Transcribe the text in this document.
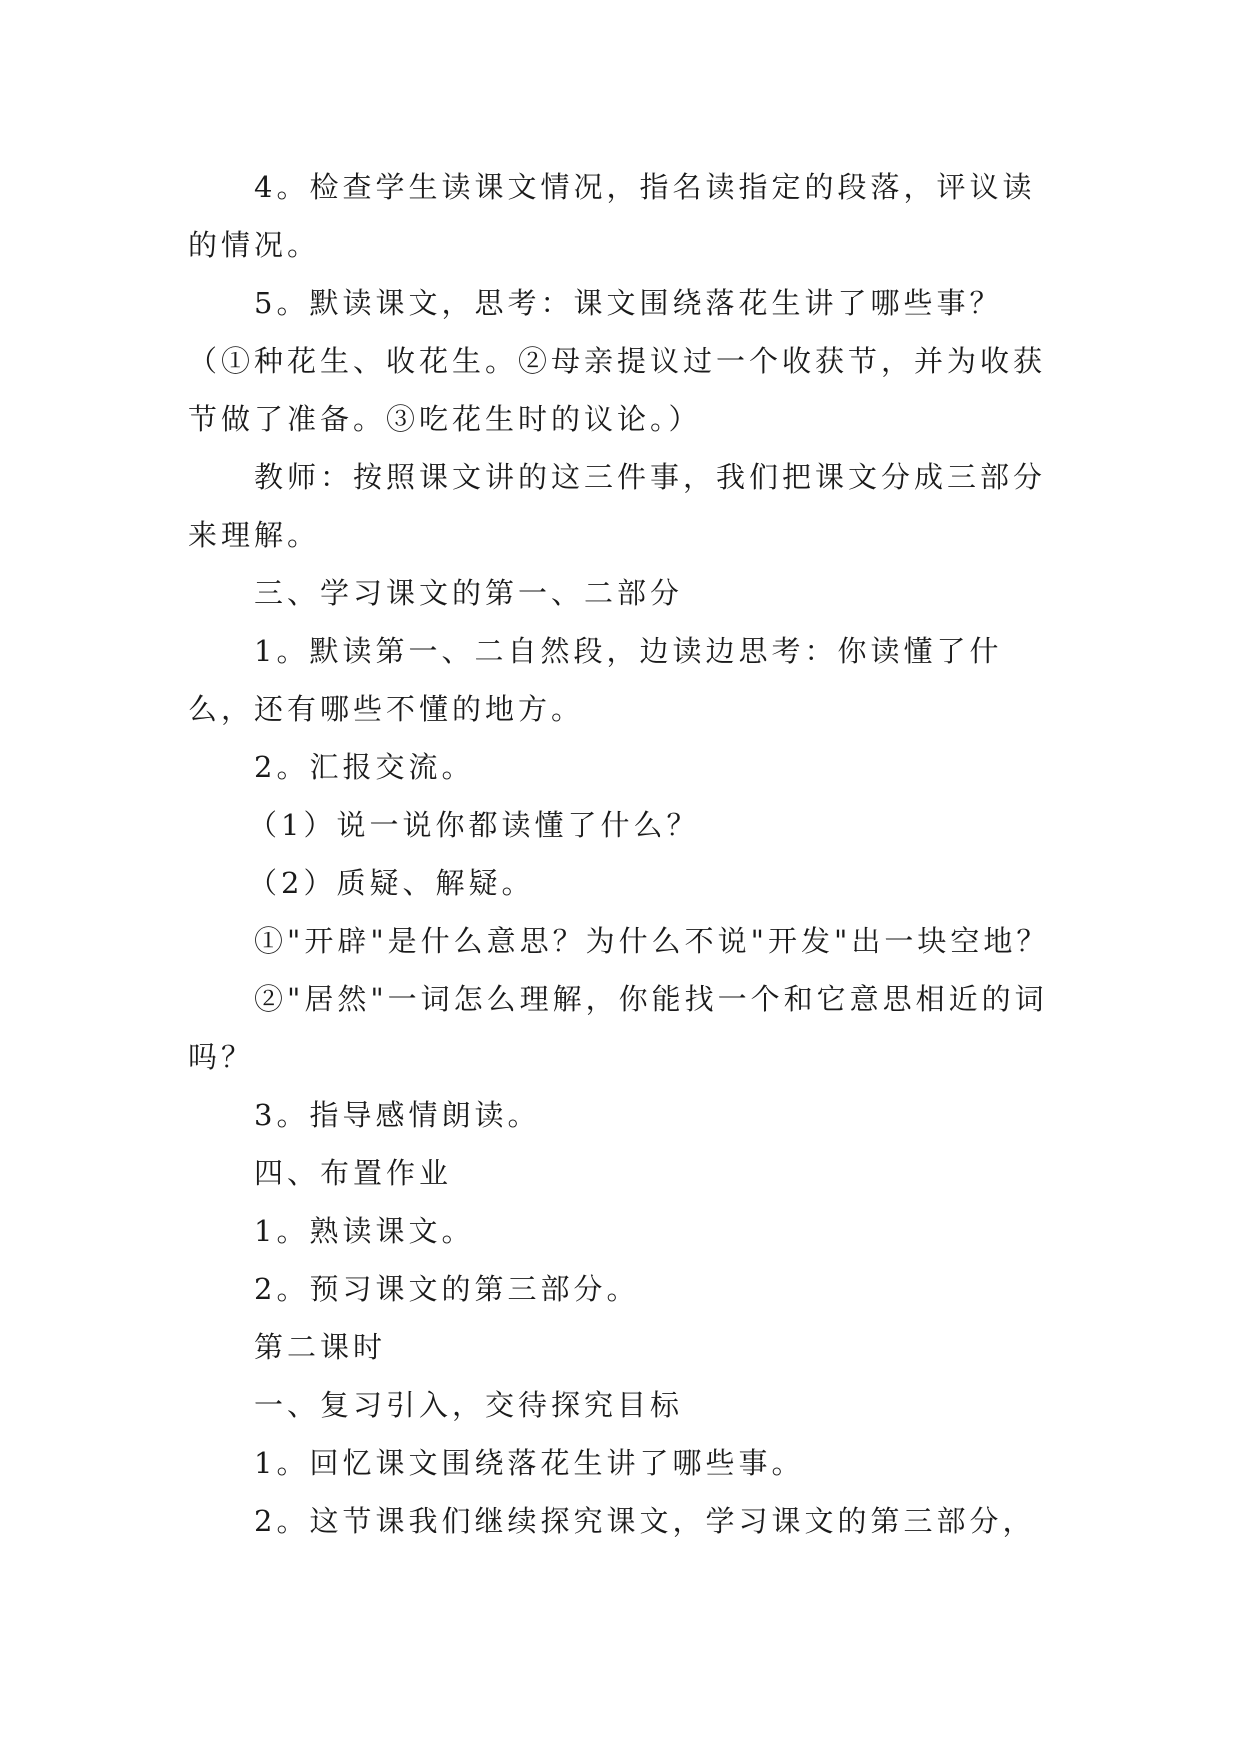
4。检查学生读课文情况，指名读指定的段落，评议读的情况。

5。默读课文，思考：课文围绕落花生讲了哪些事？（①种花生、收花生。②母亲提议过一个收获节，并为收获节做了准备。③吃花生时的议论。）

教师：按照课文讲的这三件事，我们把课文分成三部分来理解。

三、学习课文的第一、二部分

1。默读第一、二自然段，边读边思考：你读懂了什么，还有哪些不懂的地方。

2。汇报交流。

（1）说一说你都读懂了什么？

（2）质疑、解疑。

①"开辟"是什么意思？为什么不说"开发"出一块空地？

②"居然"一词怎么理解，你能找一个和它意思相近的词吗？

3。指导感情朗读。

四、布置作业

1。熟读课文。

2。预习课文的第三部分。

第二课时

一、复习引入，交待探究目标

1。回忆课文围绕落花生讲了哪些事。

2。这节课我们继续探究课文，学习课文的第三部分，
